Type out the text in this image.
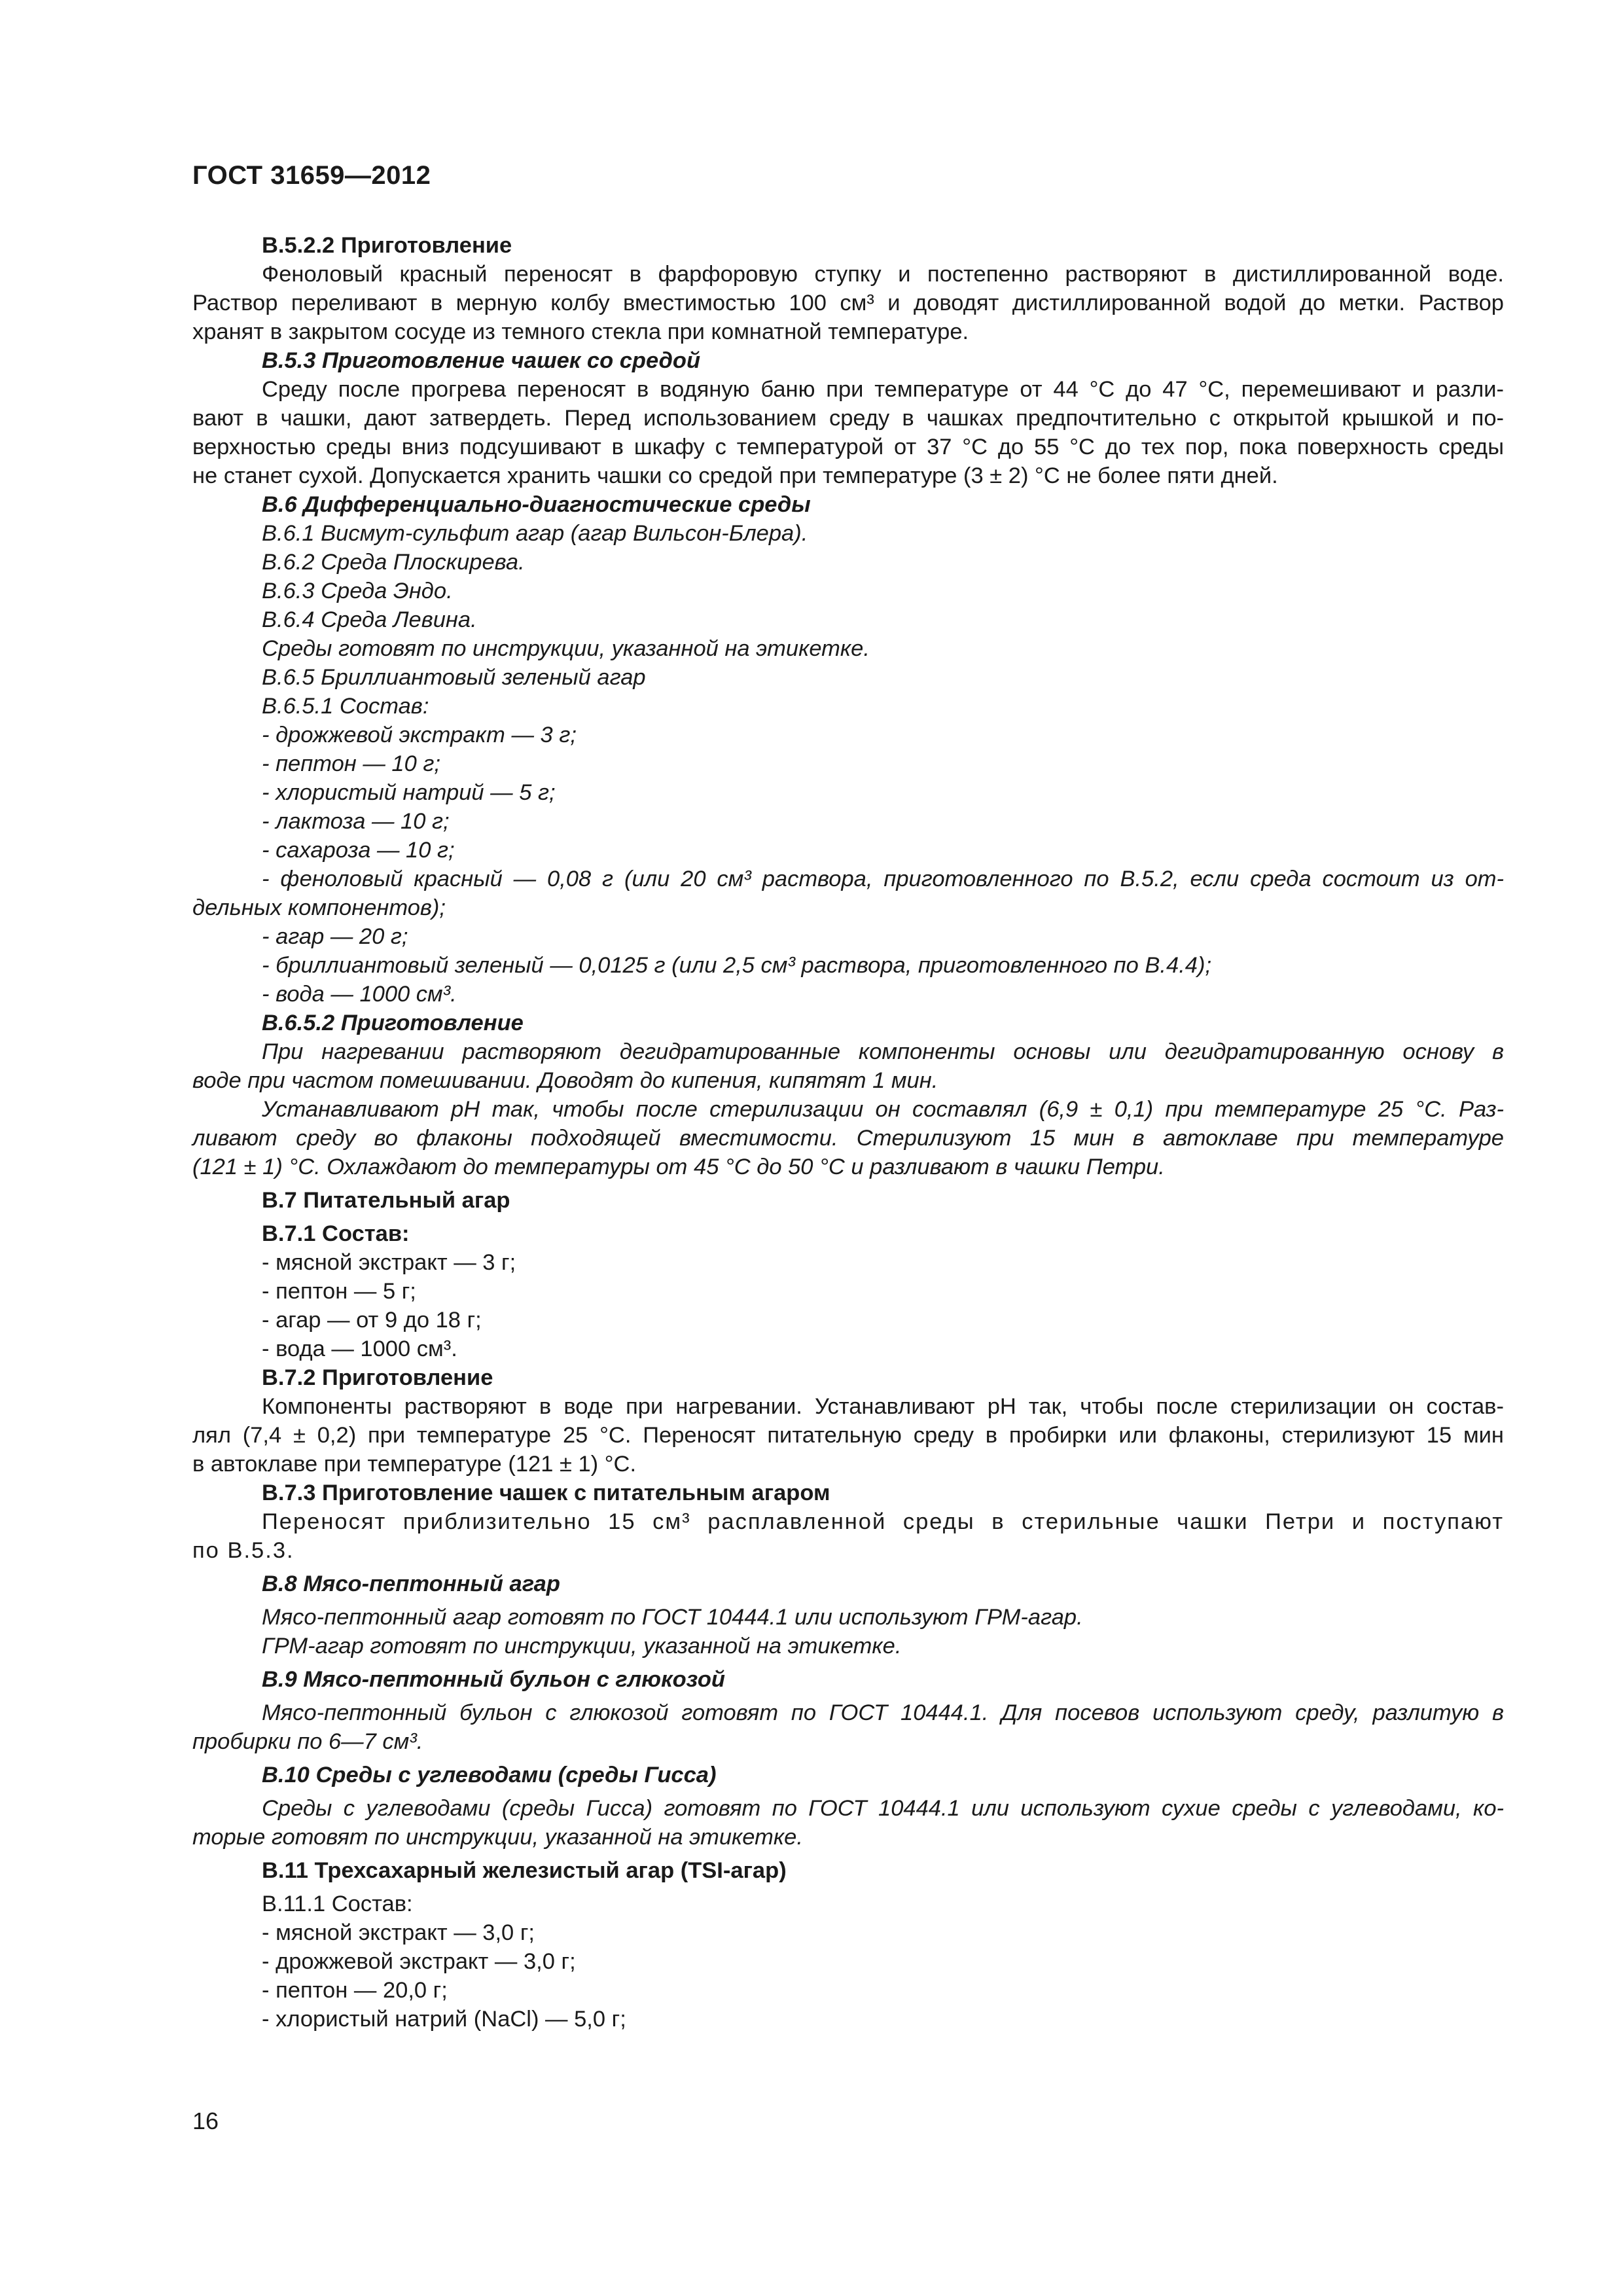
ГОСТ 31659—2012
В.5.2.2 Приготовление
Феноловый красный переносят в фарфоровую ступку и постепенно растворяют в дистиллированной воде.
Раствор переливают в мерную колбу вместимостью 100 см³ и доводят дистиллированной водой до метки. Раствор
хранят в закрытом сосуде из темного стекла при комнатной температуре.
В.5.3 Приготовление чашек со средой
Среду после прогрева переносят в водяную баню при температуре от 44 °С до 47 °С, перемешивают и разли-
вают в чашки, дают затвердеть. Перед использованием среду в чашках предпочтительно с открытой крышкой и по-
верхностью среды вниз подсушивают в шкафу с температурой от 37 °С до 55 °С до тех пор, пока поверхность среды
не станет сухой. Допускается хранить чашки со средой при температуре (3 ± 2) °С не более пяти дней.
В.6 Дифференциально-диагностические среды
В.6.1 Висмут-сульфит агар (агар Вильсон-Блера).
В.6.2 Среда Плоскирева.
В.6.3 Среда Эндо.
В.6.4 Среда Левина.
Среды готовят по инструкции, указанной на этикетке.
В.6.5 Бриллиантовый зеленый агар
В.6.5.1 Состав:
- дрожжевой экстракт — 3 г;
- пептон — 10 г;
- хлористый натрий — 5 г;
- лактоза — 10 г;
- сахароза — 10 г;
- феноловый красный — 0,08 г (или 20 см³ раствора, приготовленного по В.5.2, если среда состоит из от-
дельных компонентов);
- агар — 20 г;
- бриллиантовый зеленый — 0,0125 г (или 2,5 см³ раствора, приготовленного по В.4.4);
- вода — 1000 см³.
В.6.5.2 Приготовление
При нагревании растворяют дегидратированные компоненты основы или дегидратированную основу в
воде при частом помешивании. Доводят до кипения, кипятят 1 мин.
Устанавливают рН так, чтобы после стерилизации он составлял (6,9 ± 0,1) при температуре 25 °С. Раз-
ливают среду во флаконы подходящей вместимости. Стерилизуют 15 мин в автоклаве при температуре
(121 ± 1) °С. Охлаждают до температуры от 45 °С до 50 °С и разливают в чашки Петри.
В.7 Питательный агар
В.7.1 Состав:
- мясной экстракт — 3 г;
- пептон — 5 г;
- агар — от 9 до 18 г;
- вода — 1000 см³.
В.7.2 Приготовление
Компоненты растворяют в воде при нагревании. Устанавливают рН так, чтобы после стерилизации он состав-
лял (7,4 ± 0,2) при температуре 25 °С. Переносят питательную среду в пробирки или флаконы, стерилизуют 15 мин
в автоклаве при температуре (121 ± 1) °С.
В.7.3 Приготовление чашек с питательным агаром
Переносят приблизительно 15 см³ расплавленной среды в стерильные чашки Петри и поступают
по В.5.3.
В.8 Мясо-пептонный агар
Мясо-пептонный агар готовят по ГОСТ 10444.1 или используют ГРМ-агар.
ГРМ-агар готовят по инструкции, указанной на этикетке.
В.9 Мясо-пептонный бульон с глюкозой
Мясо-пептонный бульон с глюкозой готовят по ГОСТ 10444.1. Для посевов используют среду, разлитую в
пробирки по 6—7 см³.
В.10 Среды с углеводами (среды Гисса)
Среды с углеводами (среды Гисса) готовят по ГОСТ 10444.1 или используют сухие среды с углеводами, ко-
торые готовят по инструкции, указанной на этикетке.
В.11 Трехсахарный железистый агар (TSI-агар)
В.11.1 Состав:
- мясной экстракт — 3,0 г;
- дрожжевой экстракт — 3,0 г;
- пептон — 20,0 г;
- хлористый натрий (NaCl) — 5,0 г;
16
